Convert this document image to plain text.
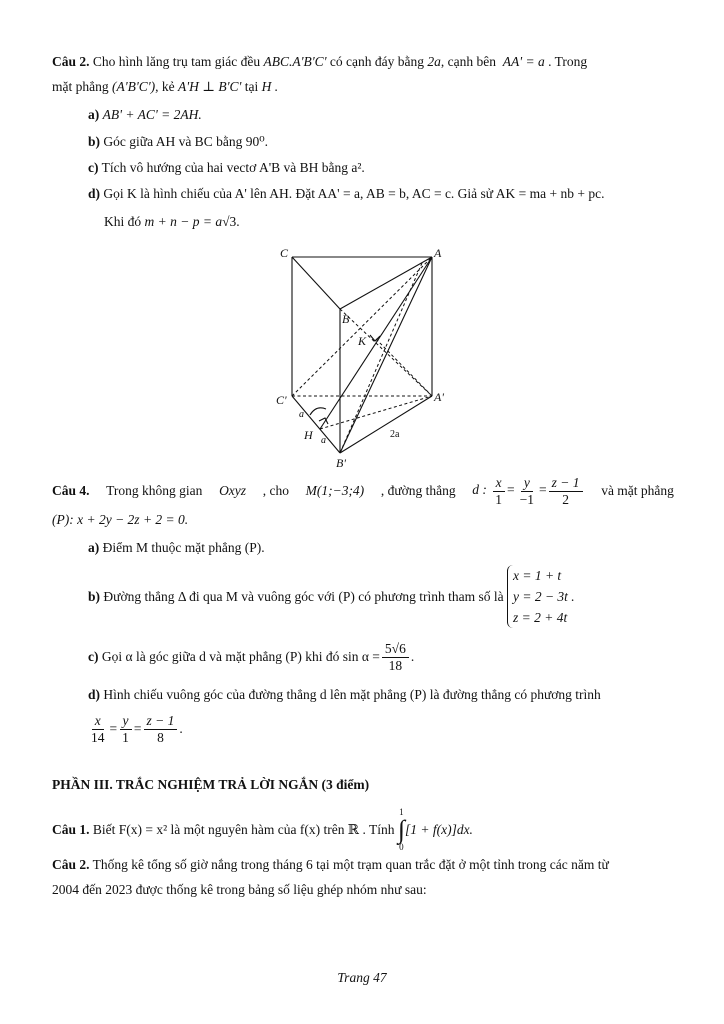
Câu 2. Cho hình lăng trụ tam giác đều ABC.A'B'C' có cạnh đáy bằng 2a, cạnh bên AA' = a . Trong
mặt phẳng (A'B'C'), kẻ A'H ⊥ B'C' tại H .
a) AB' + AC' = 2AH.
b) Góc giữa AH và BC bằng 90⁰.
c) Tích vô hướng của hai vectơ A'B và BH bằng a².
d) Gọi K là hình chiếu của A' lên AH. Đặt AA' = a, AB = b, AC = c. Giả sử AK = ma + nb + pc.
Khi đó m + n − p = a√3.
C	A
B
K
C'	A'
H
B'
a
a
2a
Câu 4. Trong không gian Oxyz , cho M(1;−3;4) , đường thẳng d : $\frac{x}{1} = \frac{y}{-1} = \frac{z - 1}{2}$ và mặt phẳng
(P): x + 2y − 2z + 2 = 0.
a) Điểm M thuộc mặt phẳng (P).
b)
Đường thẳng Δ đi qua M và vuông góc với (P) có phương trình tham số là

x = 1 + t
y = 2 − 3t .
z = 2 + 4t
c)
Gọi α là góc giữa d và mặt phẳng (P) khi đó $\sin \alpha = \frac{5√6}{18}$ .
d) Hình chiếu vuông góc của đường thẳng d lên mặt phẳng (P) là đường thẳng có phương trình
$\frac{x}{14} = \frac{y}{1} = \frac{z - 1}{8}$ .
PHẦN III. TRẮC NGHIỆM TRẢ LỜI NGẮN (3 điểm)
Câu 1.
Biết F(x) = x² là một nguyên hàm của f(x) trên ℝ . Tính

1
∫
0
[1 + f(x)]dx.
Câu 2. Thống kê tổng số giờ nắng trong tháng 6 tại một trạm quan trắc đặt ở một tỉnh trong các năm từ
2004 đến 2023 được thống kê trong bảng số liệu ghép nhóm như sau:
Trang 47
